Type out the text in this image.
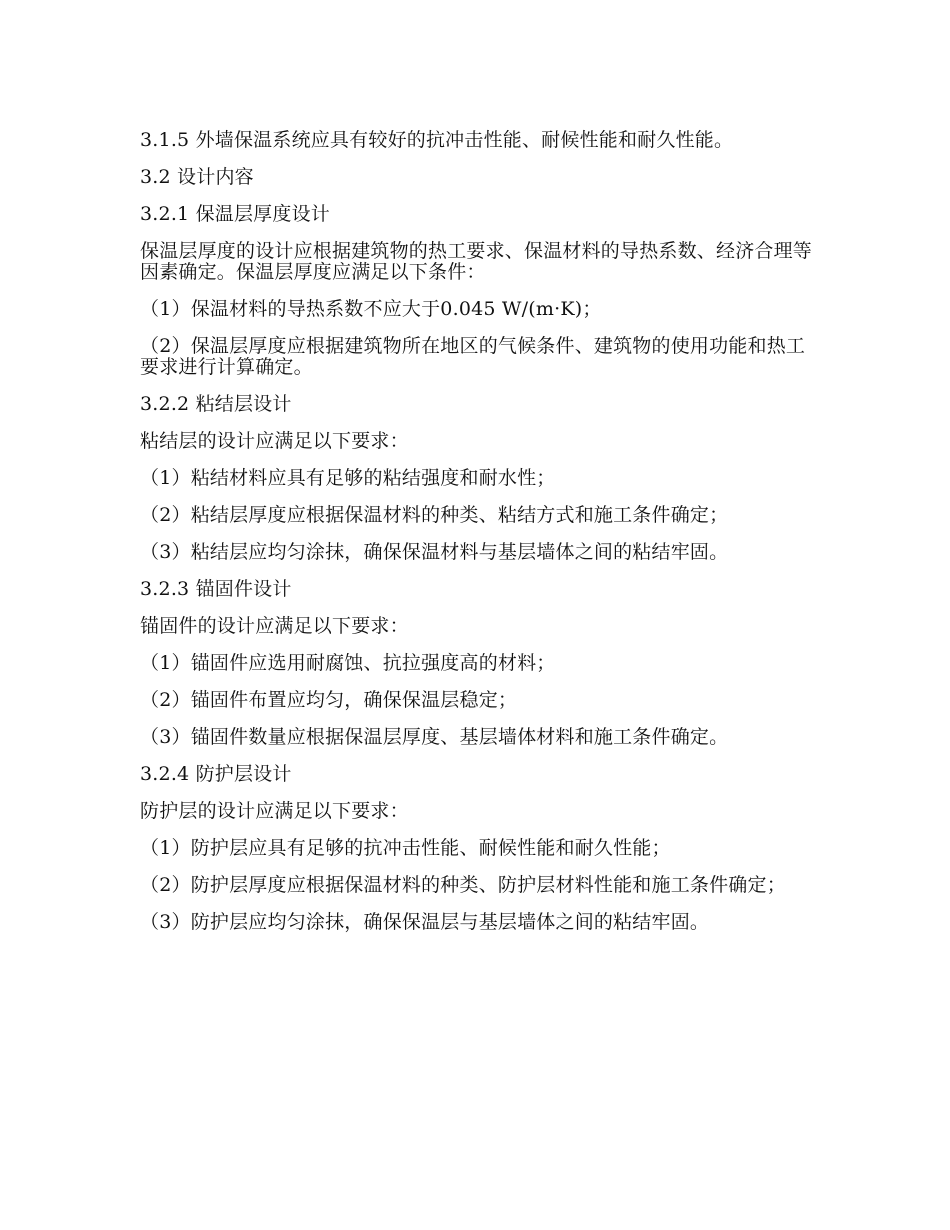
3.1.5 外墙保温系统应具有较好的抗冲击性能、耐候性能和耐久性能。

3.2 设计内容

3.2.1 保温层厚度设计

保温层厚度的设计应根据建筑物的热工要求、保温材料的导热系数、经济合理等因素确定。保温层厚度应满足以下条件：

（1）保温材料的导热系数不应大于0.045 W/(m·K)；

（2）保温层厚度应根据建筑物所在地区的气候条件、建筑物的使用功能和热工要求进行计算确定。

3.2.2 粘结层设计

粘结层的设计应满足以下要求：

（1）粘结材料应具有足够的粘结强度和耐水性；

（2）粘结层厚度应根据保温材料的种类、粘结方式和施工条件确定；

（3）粘结层应均匀涂抹，确保保温材料与基层墙体之间的粘结牢固。

3.2.3 锚固件设计

锚固件的设计应满足以下要求：

（1）锚固件应选用耐腐蚀、抗拉强度高的材料；

（2）锚固件布置应均匀，确保保温层稳定；

（3）锚固件数量应根据保温层厚度、基层墙体材料和施工条件确定。

3.2.4 防护层设计

防护层的设计应满足以下要求：

（1）防护层应具有足够的抗冲击性能、耐候性能和耐久性能；

（2）防护层厚度应根据保温材料的种类、防护层材料性能和施工条件确定；

（3）防护层应均匀涂抹，确保保温层与基层墙体之间的粘结牢固。
